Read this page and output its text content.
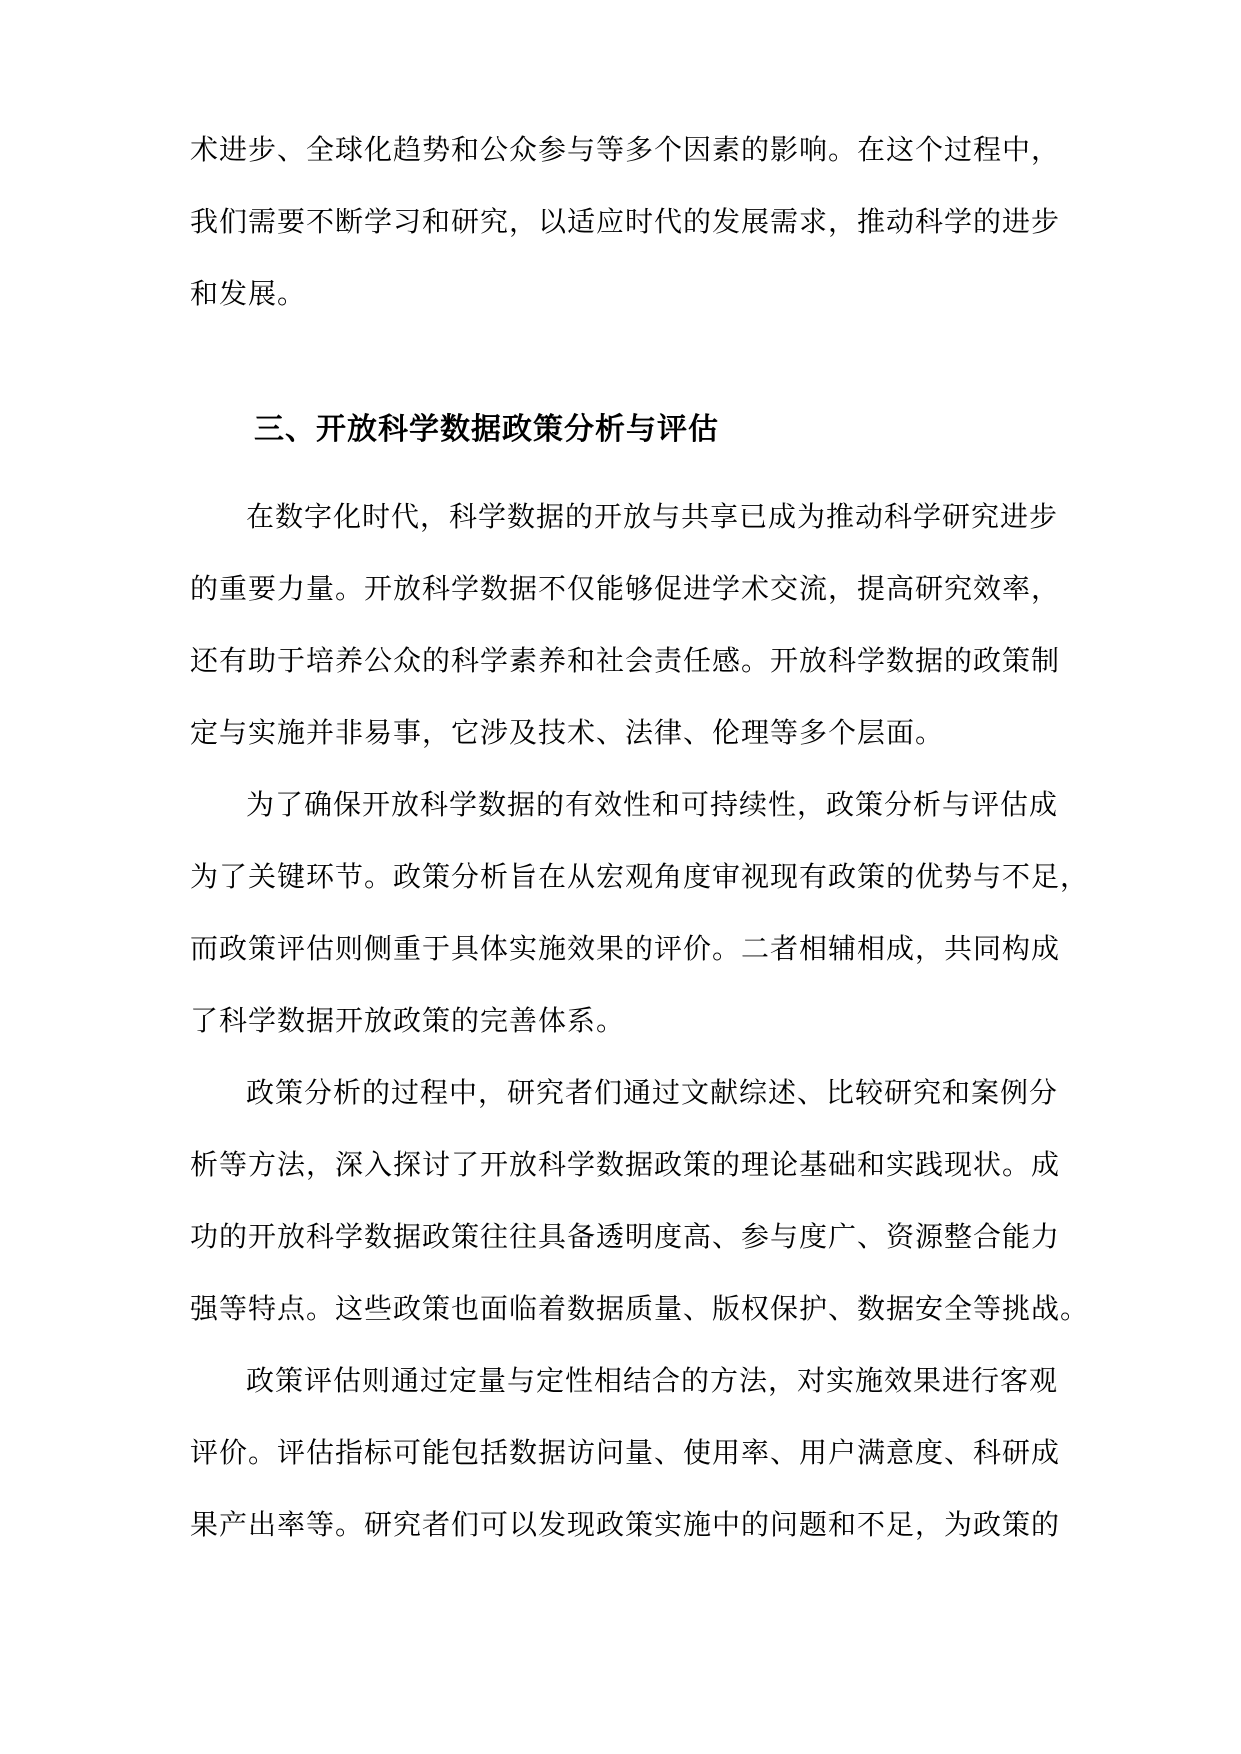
术进步、全球化趋势和公众参与等多个因素的影响。在这个过程中，
我们需要不断学习和研究，以适应时代的发展需求，推动科学的进步
和发展。
三、开放科学数据政策分析与评估
在数字化时代，科学数据的开放与共享已成为推动科学研究进步
的重要力量。开放科学数据不仅能够促进学术交流，提高研究效率，
还有助于培养公众的科学素养和社会责任感。开放科学数据的政策制
定与实施并非易事，它涉及技术、法律、伦理等多个层面。
为了确保开放科学数据的有效性和可持续性，政策分析与评估成
为了关键环节。政策分析旨在从宏观角度审视现有政策的优势与不足，
而政策评估则侧重于具体实施效果的评价。二者相辅相成，共同构成
了科学数据开放政策的完善体系。
政策分析的过程中，研究者们通过文献综述、比较研究和案例分
析等方法，深入探讨了开放科学数据政策的理论基础和实践现状。成
功的开放科学数据政策往往具备透明度高、参与度广、资源整合能力
强等特点。这些政策也面临着数据质量、版权保护、数据安全等挑战。
政策评估则通过定量与定性相结合的方法，对实施效果进行客观
评价。评估指标可能包括数据访问量、使用率、用户满意度、科研成
果产出率等。研究者们可以发现政策实施中的问题和不足，为政策的
